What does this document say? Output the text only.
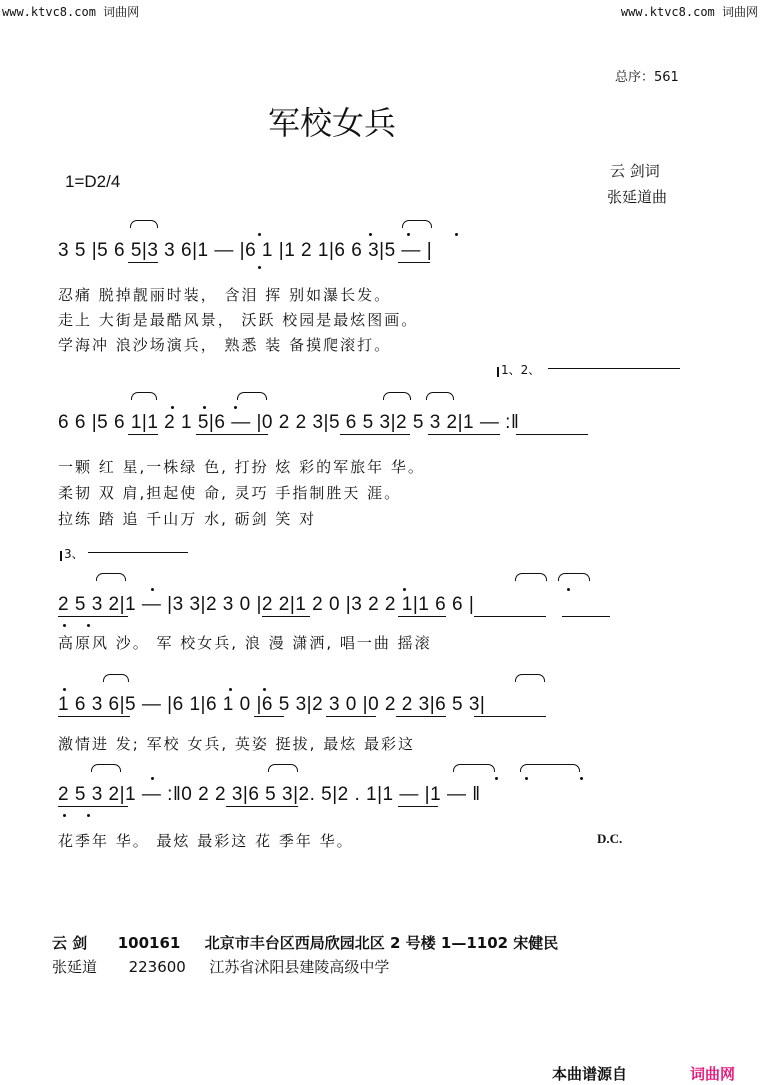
www.ktvc8.com 词曲网	www.ktvc8.com 词曲网
总序：561
军校女兵
1=D2/4
云 剑词
张延道曲
3 5 |5 6 5|3 3 6|1 — |6 1 |1 2 1|6 6 3|5 — |
忍痛 脱掉靓丽时装， 含泪 挥 别如瀑长发。
走上 大街是最酷风景， 沃跃 校园是最炫图画。
学海冲 浪沙场演兵， 熟悉 装 备摸爬滚打。
1、2、
6 6 |5 6 1|1 2 1 5|6 — |0 2 2 3|5 6 5 3|2 5 3 2|1 — :‖
一颗 红 星,一株绿 色, 打扮 炫 彩的军旅年 华。
柔韧 双 肩,担起使 命, 灵巧 手指制胜天 涯。
拉练 踏 追 千山万 水, 砺剑 笑 对
3、
2 5 3 2|1 — |3 3|2 3 0 |2 2|1 2 0 |3 2 2 1|1 6 6 |
高原风 沙。 军 校女兵, 浪 漫 潇洒, 唱一曲 摇滚
1 6 3 6|5 — |6 1|6 1 0 |6 5 3|2 3 0 |0 2 2 3|6 5 3|
激情进 发; 军校 女兵, 英姿 挺拔, 最炫 最彩这
2 5 3 2|1 — :‖0 2 2 3|6 5 3|2. 5|2 . 1|1 — |1 — ‖
花季年 华。 最炫 最彩这 花 季年 华。	D.C.
云 剑 100161 北京市丰台区西局欣园北区 2 号楼 1—1102 宋健民
张延道 223600 江苏省沭阳县建陵高级中学
本曲谱源自	词曲网
